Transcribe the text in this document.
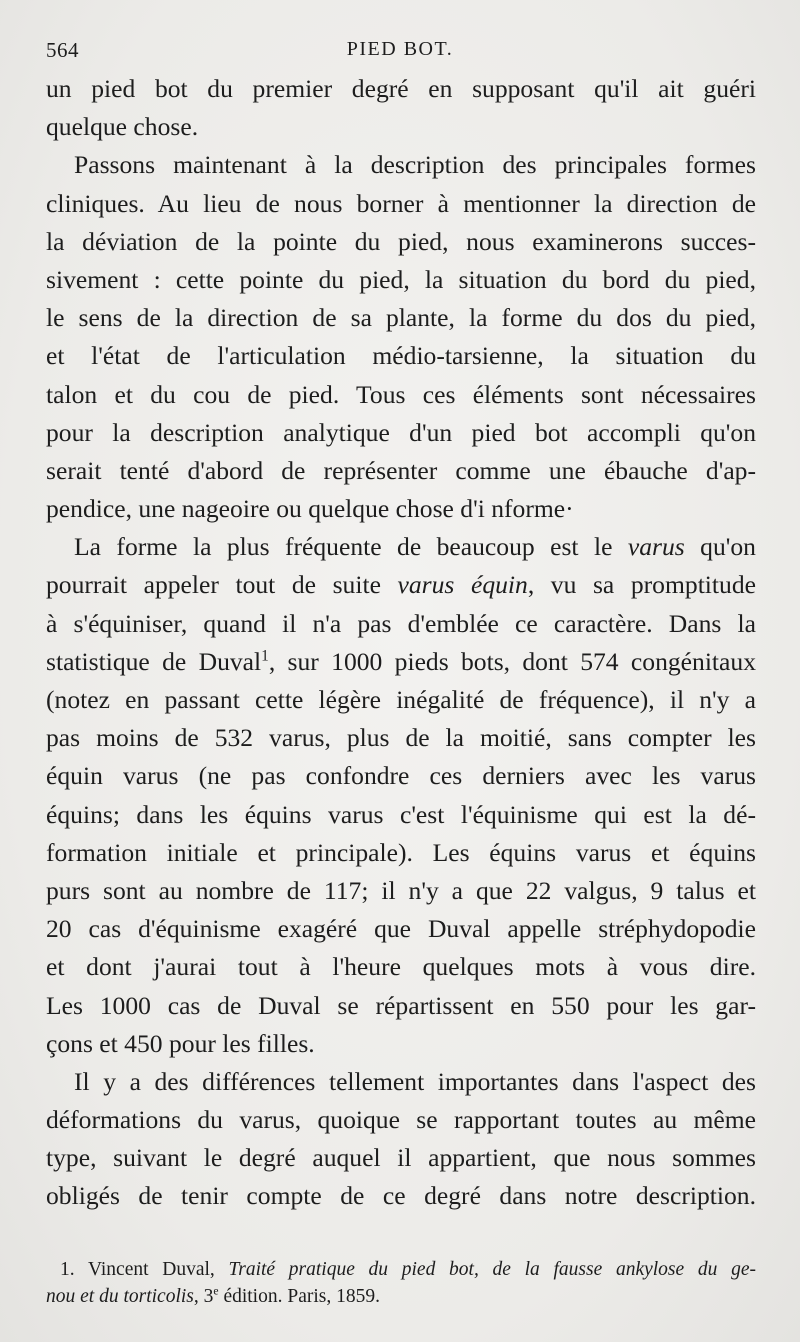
564	PIED BOT.
un pied bot du premier degré en supposant qu'il ait guéri
quelque chose.
Passons maintenant à la description des principales formes
cliniques. Au lieu de nous borner à mentionner la direction de
la déviation de la pointe du pied, nous examinerons succes-
sivement : cette pointe du pied, la situation du bord du pied,
le sens de la direction de sa plante, la forme du dos du pied,
et l'état de l'articulation médio-tarsienne, la situation du
talon et du cou de pied. Tous ces éléments sont nécessaires
pour la description analytique d'un pied bot accompli qu'on
serait tenté d'abord de représenter comme une ébauche d'ap-
pendice, une nageoire ou quelque chose d'i nforme·
La forme la plus fréquente de beaucoup est le varus qu'on
pourrait appeler tout de suite varus équin, vu sa promptitude
à s'équiniser, quand il n'a pas d'emblée ce caractère. Dans la
statistique de Duval$^1$, sur 1000 pieds bots, dont 574 congénitaux
(notez en passant cette légère inégalité de fréquence), il n'y a
pas moins de 532 varus, plus de la moitié, sans compter les
équin varus (ne pas confondre ces derniers avec les varus
équins; dans les équins varus c'est l'équinisme qui est la dé-
formation initiale et principale). Les équins varus et équins
purs sont au nombre de 117; il n'y a que 22 valgus, 9 talus et
20 cas d'équinisme exagéré que Duval appelle stréphydopodie
et dont j'aurai tout à l'heure quelques mots à vous dire.
Les 1000 cas de Duval se répartissent en 550 pour les gar-
çons et 450 pour les filles.
Il y a des différences tellement importantes dans l'aspect des
déformations du varus, quoique se rapportant toutes au même
type, suivant le degré auquel il appartient, que nous sommes
obligés de tenir compte de ce degré dans notre description.
1. Vincent Duval, Traité pratique du pied bot, de la fausse ankylose du ge-
nou et du torticolis, 3e édition. Paris, 1859.
